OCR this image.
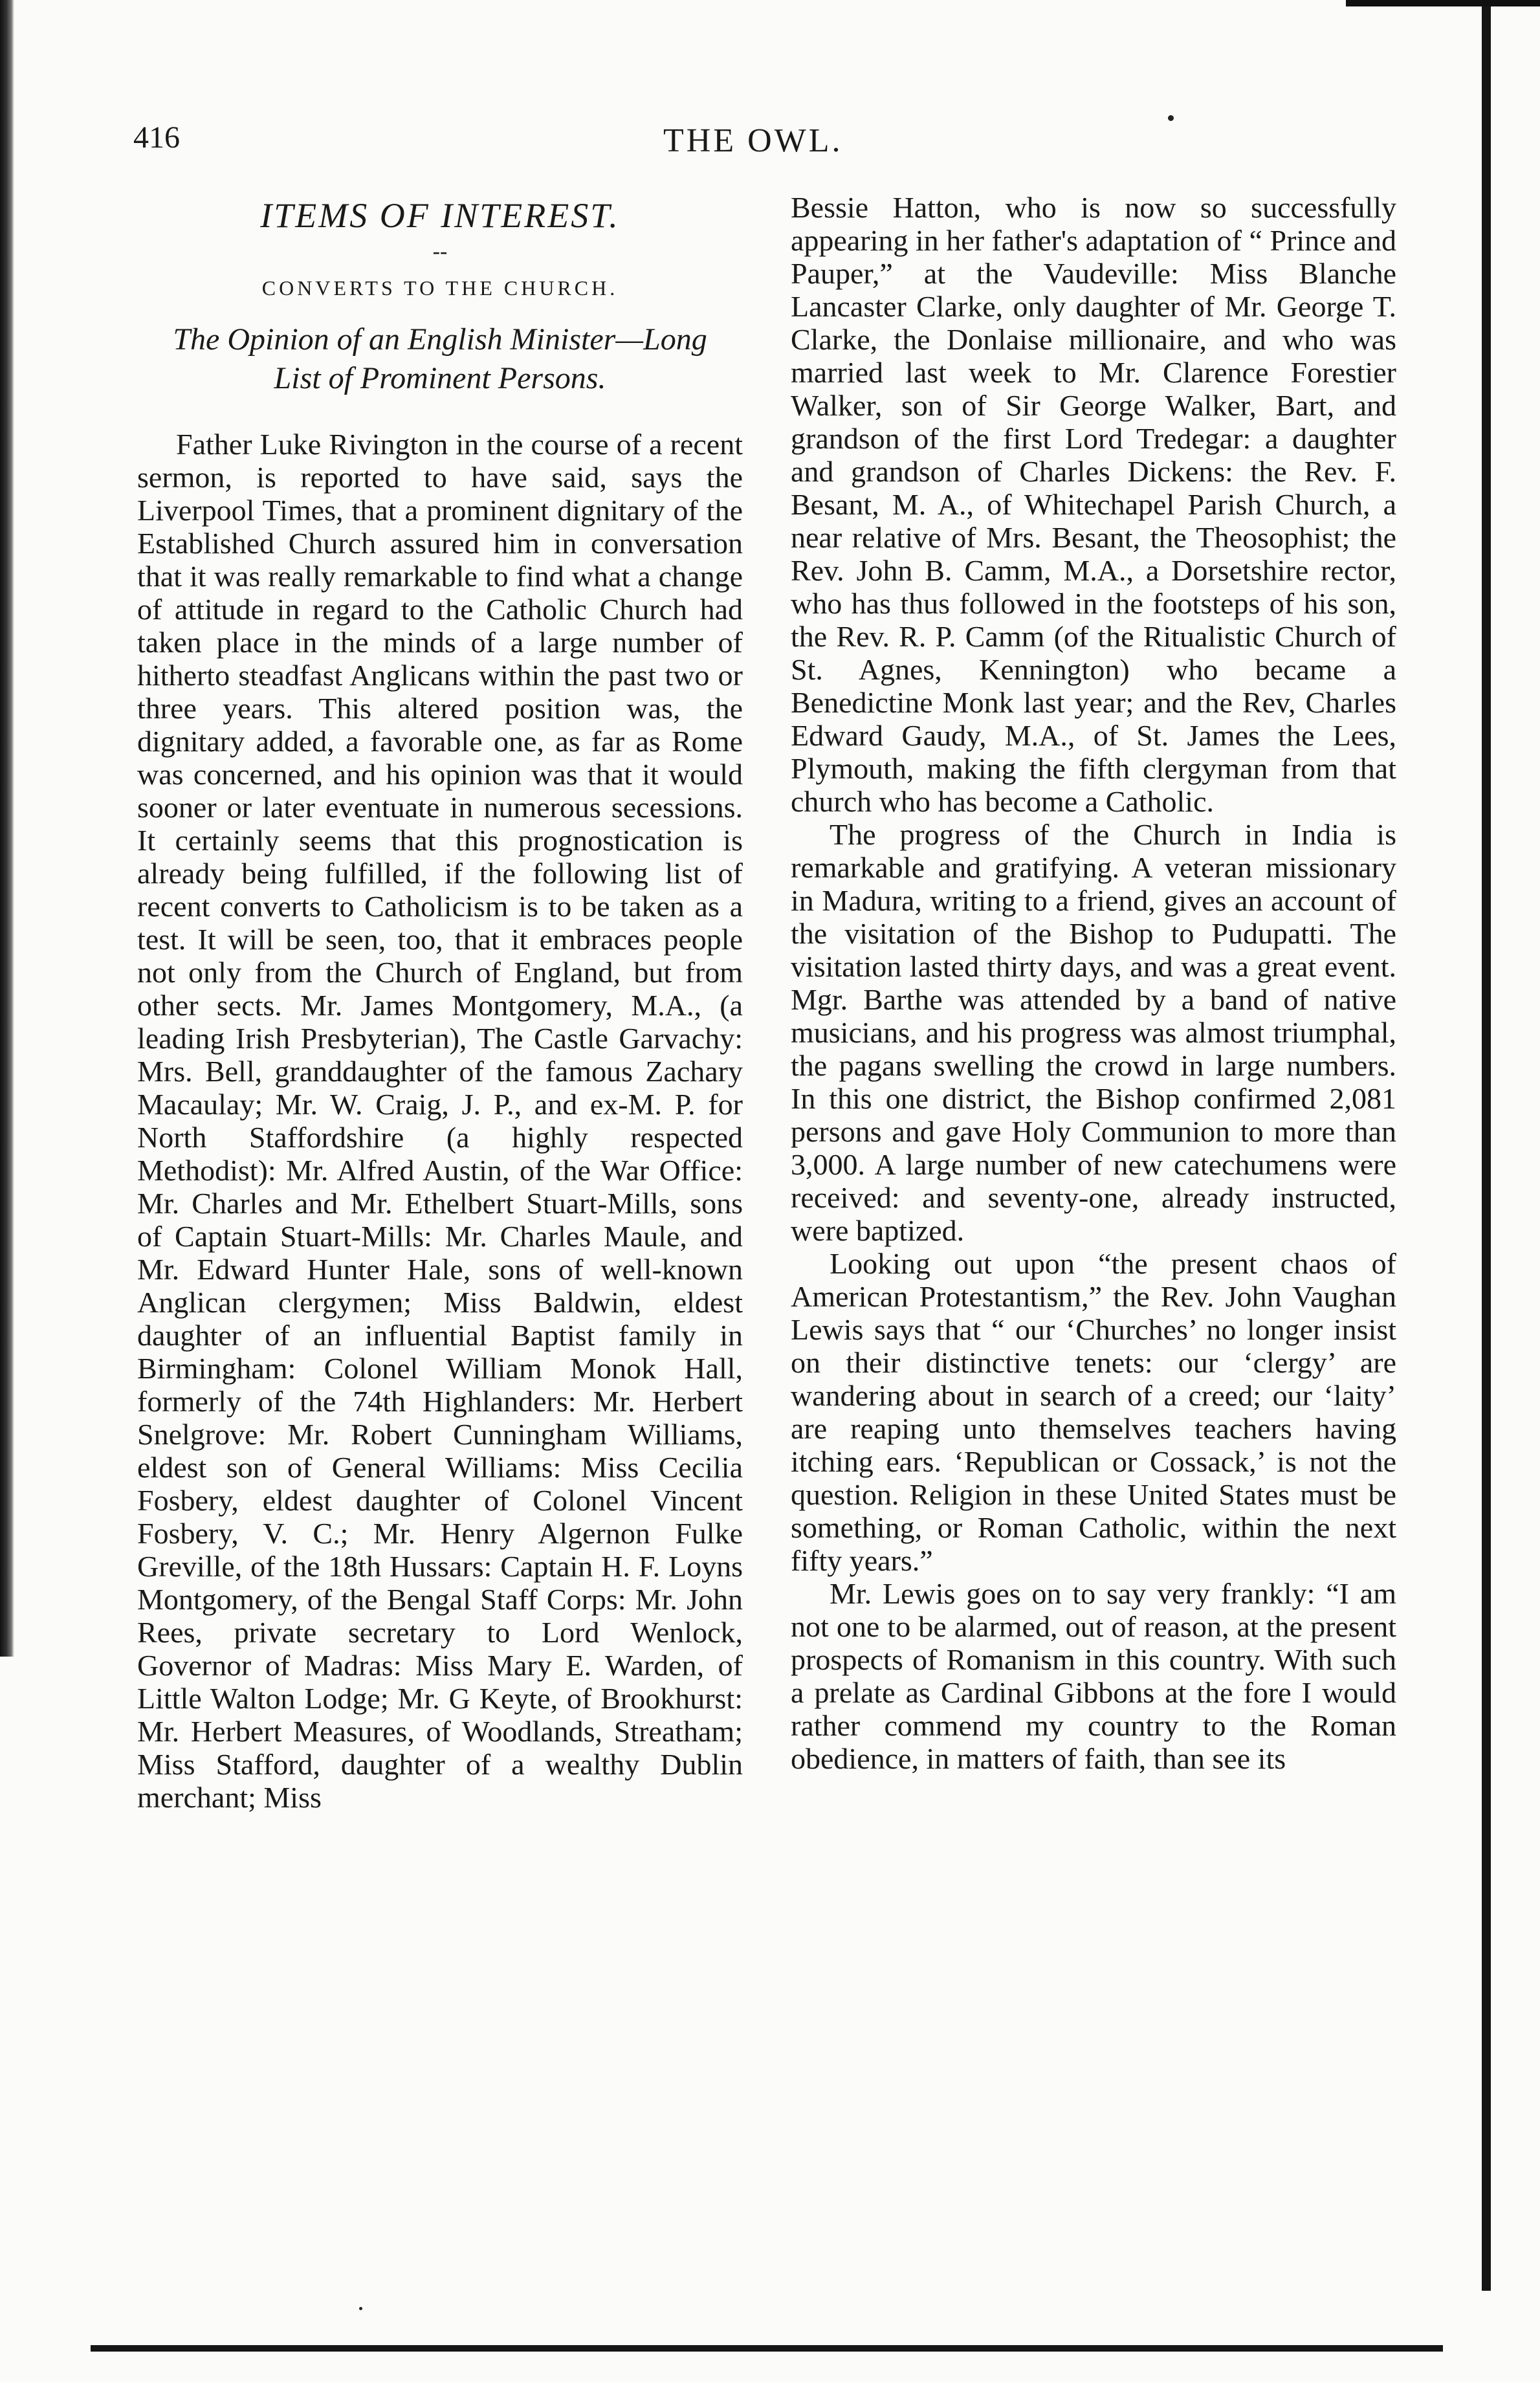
416	THE OWL.
ITEMS OF INTEREST.
--
CONVERTS TO THE CHURCH.
The Opinion of an English Minister—Long List of Prominent Persons.

Father Luke Rivington in the course of a recent sermon, is reported to have said, says the Liverpool Times, that a prominent dignitary of the Established Church assured him in conversation that it was really remarkable to find what a change of attitude in regard to the Catholic Church had taken place in the minds of a large number of hitherto steadfast Anglicans within the past two or three years. This altered position was, the dignitary added, a favorable one, as far as Rome was concerned, and his opinion was that it would sooner or later eventuate in numerous secessions. It certainly seems that this prognostication is already being fulfilled, if the following list of recent converts to Catholicism is to be taken as a test. It will be seen, too, that it embraces people not only from the Church of England, but from other sects. Mr. James Montgomery, M.A., (a leading Irish Presbyterian), The Castle Garvachy: Mrs. Bell, granddaughter of the famous Zachary Macaulay; Mr. W. Craig, J. P., and ex-M. P. for North Staffordshire (a highly respected Methodist): Mr. Alfred Austin, of the War Office: Mr. Charles and Mr. Ethelbert Stuart-Mills, sons of Captain Stuart-Mills: Mr. Charles Maule, and Mr. Edward Hunter Hale, sons of well-known Anglican clergymen; Miss Baldwin, eldest daughter of an influential Baptist family in Birmingham: Colonel William Monok Hall, formerly of the 74th Highlanders: Mr. Herbert Snelgrove: Mr. Robert Cunningham Williams, eldest son of General Williams: Miss Cecilia Fosbery, eldest daughter of Colonel Vincent Fosbery, V. C.; Mr. Henry Algernon Fulke Greville, of the 18th Hussars: Captain H. F. Loyns Montgomery, of the Bengal Staff Corps: Mr. John Rees, private secretary to Lord Wenlock, Governor of Madras: Miss Mary E. Warden, of Little Walton Lodge; Mr. G Keyte, of Brookhurst: Mr. Herbert Measures, of Woodlands, Streatham; Miss Stafford, daughter of a wealthy Dublin merchant; Miss

Bessie Hatton, who is now so successfully appearing in her father's adaptation of “ Prince and Pauper,” at the Vaudeville: Miss Blanche Lancaster Clarke, only daughter of Mr. George T. Clarke, the Donlaise millionaire, and who was married last week to Mr. Clarence Forestier Walker, son of Sir George Walker, Bart, and grandson of the first Lord Tredegar: a daughter and grandson of Charles Dickens: the Rev. F. Besant, M. A., of Whitechapel Parish Church, a near relative of Mrs. Besant, the Theosophist; the Rev. John B. Camm, M.A., a Dorsetshire rector, who has thus followed in the footsteps of his son, the Rev. R. P. Camm (of the Ritualistic Church of St. Agnes, Kennington) who became a Benedictine Monk last year; and the Rev, Charles Edward Gaudy, M.A., of St. James the Lees, Plymouth, making the fifth clergyman from that church who has become a Catholic.

The progress of the Church in India is remarkable and gratifying. A veteran missionary in Madura, writing to a friend, gives an account of the visitation of the Bishop to Pudupatti. The visitation lasted thirty days, and was a great event. Mgr. Barthe was attended by a band of native musicians, and his progress was almost triumphal, the pagans swelling the crowd in large numbers. In this one district, the Bishop confirmed 2,081 persons and gave Holy Communion to more than 3,000. A large number of new catechumens were received: and seventy-one, already instructed, were baptized.

Looking out upon “the present chaos of American Protestantism,” the Rev. John Vaughan Lewis says that “ our ‘Churches’ no longer insist on their distinctive tenets: our ‘clergy’ are wandering about in search of a creed; our ‘laity’ are reaping unto themselves teachers having itching ears. ‘Republican or Cossack,’ is not the question. Religion in these United States must be something, or Roman Catholic, within the next fifty years.”

Mr. Lewis goes on to say very frankly: “I am not one to be alarmed, out of reason, at the present prospects of Romanism in this country. With such a prelate as Cardinal Gibbons at the fore I would rather commend my country to the Roman obedience, in matters of faith, than see its
